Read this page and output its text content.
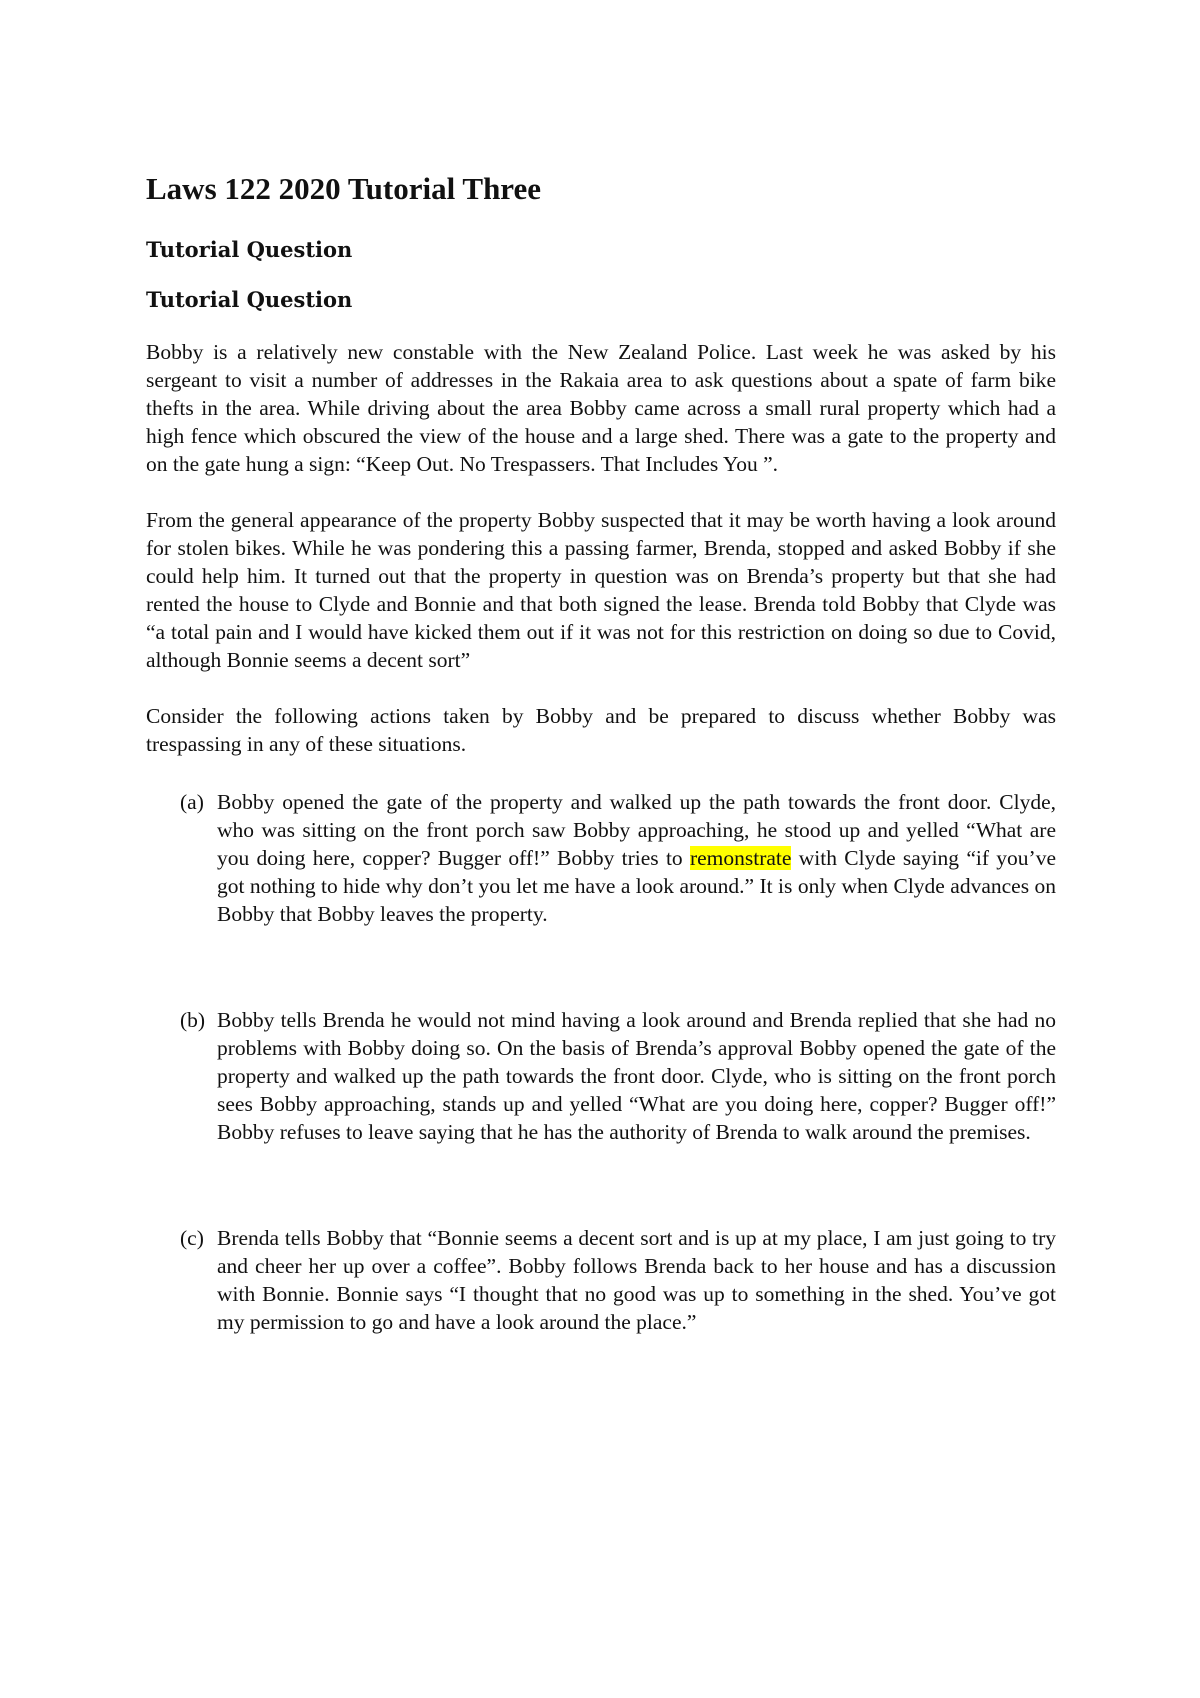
Laws 122 2020 Tutorial Three
Tutorial Question
Tutorial Question

Bobby is a relatively new constable with the New Zealand Police. Last week he was asked by his sergeant to visit a number of addresses in the Rakaia area to ask questions about a spate of farm bike thefts in the area. While driving about the area Bobby came across a small rural property which had a high fence which obscured the view of the house and a large shed. There was a gate to the property and on the gate hung a sign: “Keep Out. No Trespassers. That Includes You ”.

From the general appearance of the property Bobby suspected that it may be worth having a look around for stolen bikes. While he was pondering this a passing farmer, Brenda, stopped and asked Bobby if she could help him. It turned out that the property in question was on Brenda’s property but that she had rented the house to Clyde and Bonnie and that both signed the lease. Brenda told Bobby that Clyde was “a total pain and I would have kicked them out if it was not for this restriction on doing so due to Covid, although Bonnie seems a decent sort”

Consider the following actions taken by Bobby and be prepared to discuss whether Bobby was trespassing in any of these situations.

(a) Bobby opened the gate of the property and walked up the path towards the front door. Clyde, who was sitting on the front porch saw Bobby approaching, he stood up and yelled “What are you doing here, copper? Bugger off!” Bobby tries to remonstrate with Clyde saying “if you’ve got nothing to hide why don’t you let me have a look around.” It is only when Clyde advances on Bobby that Bobby leaves the property.
(b) Bobby tells Brenda he would not mind having a look around and Brenda replied that she had no problems with Bobby doing so. On the basis of Brenda’s approval Bobby opened the gate of the property and walked up the path towards the front door. Clyde, who is sitting on the front porch sees Bobby approaching, stands up and yelled “What are you doing here, copper? Bugger off!” Bobby refuses to leave saying that he has the authority of Brenda to walk around the premises.
(c) Brenda tells Bobby that “Bonnie seems a decent sort and is up at my place, I am just going to try and cheer her up over a coffee”. Bobby follows Brenda back to her house and has a discussion with Bonnie. Bonnie says “I thought that no good was up to something in the shed. You’ve got my permission to go and have a look around the place.”
